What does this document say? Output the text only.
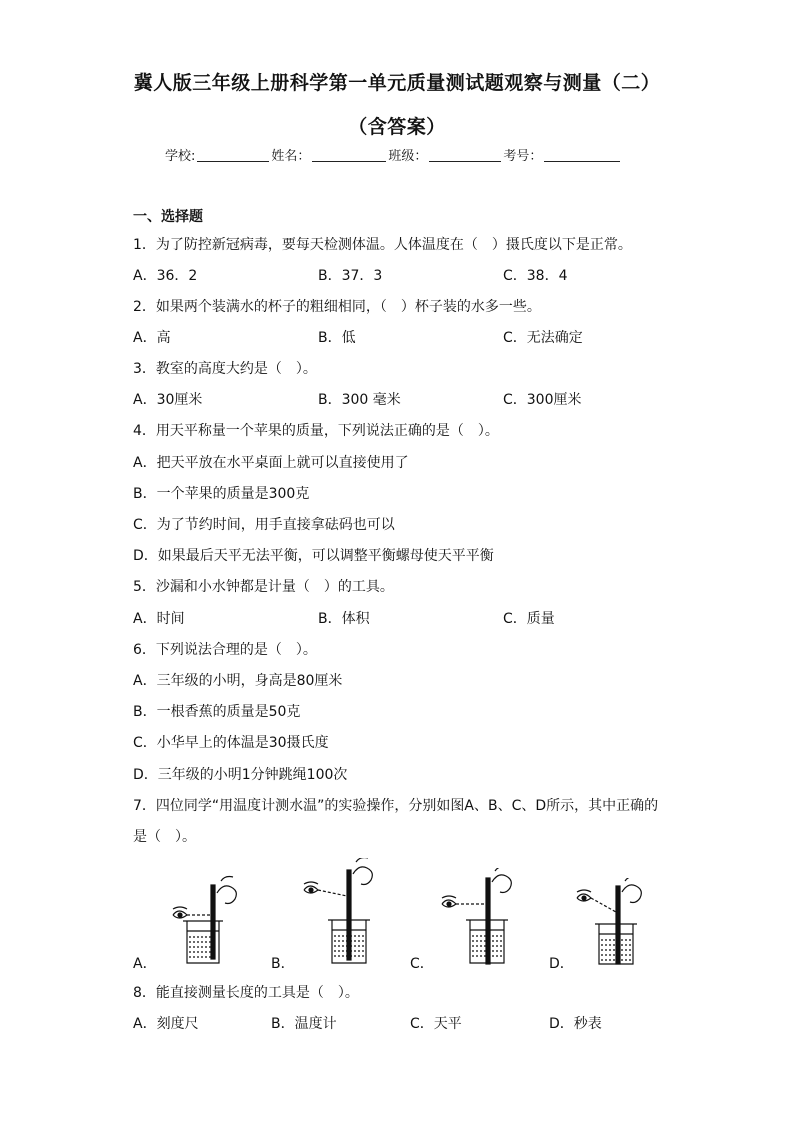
冀人版三年级上册科学第一单元质量测试题观察与测量（二）
（含答案）
学校:	姓名：	班级：	考号：
一、选择题
1．为了防控新冠病毒，要每天检测体温。人体温度在（　）摄氏度以下是正常。
A．36．2	B．37．3	C．38．4
2．如果两个装满水的杯子的粗细相同，（　）杯子装的水多一些。
A．高	B．低	C．无法确定
3．教室的高度大约是（　）。
A．30厘米	B．300 毫米	C．300厘米
4．用天平称量一个苹果的质量，下列说法正确的是（　）。
A．把天平放在水平桌面上就可以直接使用了
B．一个苹果的质量是300克
C．为了节约时间，用手直接拿砝码也可以
D．如果最后天平无法平衡，可以调整平衡螺母使天平平衡
5．沙漏和小水钟都是计量（　）的工具。
A．时间	B．体积	C．质量
6．下列说法合理的是（　）。
A．三年级的小明，身高是80厘米
B．一根香蕉的质量是50克
C．小华早上的体温是30摄氏度
D．三年级的小明1分钟跳绳100次
7．四位同学“用温度计测水温”的实验操作，分别如图A、B、C、D所示，其中正确的
是（　）。
A．	B．	C．	D．
8．能直接测量长度的工具是（　）。
A．刻度尺	B．温度计	C．天平	D．秒表
